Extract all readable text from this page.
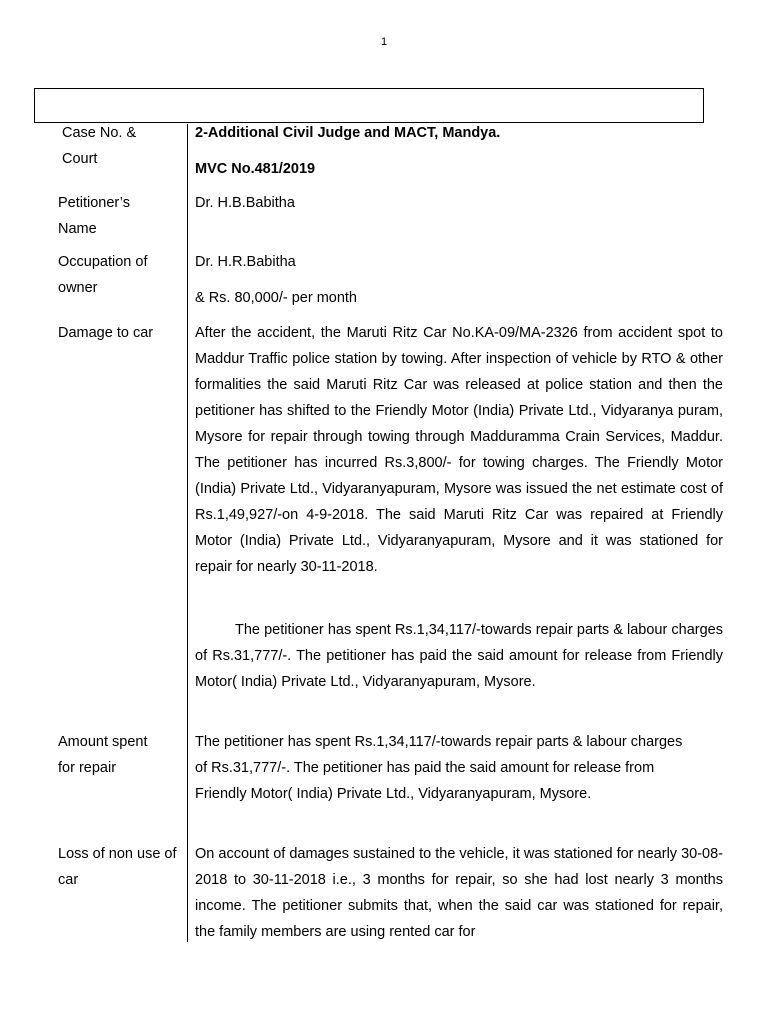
1
Case No. & Court
2-Additional Civil Judge and MACT, Mandya.
MVC No.481/2019
Petitioner’s Name
Dr. H.B.Babitha
Occupation of owner
Dr. H.R.Babitha
& Rs. 80,000/- per month
Damage to car	After the accident, the Maruti Ritz Car No.KA-09/MA-2326 from accident spot to Maddur Traffic police station by towing. After inspection of vehicle by RTO & other formalities the said Maruti Ritz Car was released at police station and then the petitioner has shifted to the Friendly Motor (India) Private Ltd., Vidyaranya puram, Mysore for repair through towing through Madduramma Crain Services, Maddur. The petitioner has incurred Rs.3,800/- for towing charges. The Friendly Motor (India) Private Ltd., Vidyaranyapuram, Mysore was issued the net estimate cost of Rs.1,49,927/-on 4-9-2018. The said Maruti Ritz Car was repaired at Friendly Motor (India) Private Ltd., Vidyaranyapuram, Mysore and it was stationed for repair for nearly 30-11-2018.
The petitioner has spent Rs.1,34,117/-towards repair parts & labour charges of Rs.31,777/-. The petitioner has paid the said amount for release from Friendly Motor( India) Private Ltd., Vidyaranyapuram, Mysore.
Amount spent for repair
The petitioner has spent Rs.1,34,117/-towards repair parts & labour charges of Rs.31,777/-. The petitioner has paid the said amount for release from Friendly Motor( India) Private Ltd., Vidyaranyapuram, Mysore.
Loss of non use of car
On account of damages sustained to the vehicle, it was stationed for nearly 30-08-2018 to 30-11-2018 i.e., 3 months for repair, so she had lost nearly 3 months income. The petitioner submits that, when the said car was stationed for repair, the family members are using rented car for
